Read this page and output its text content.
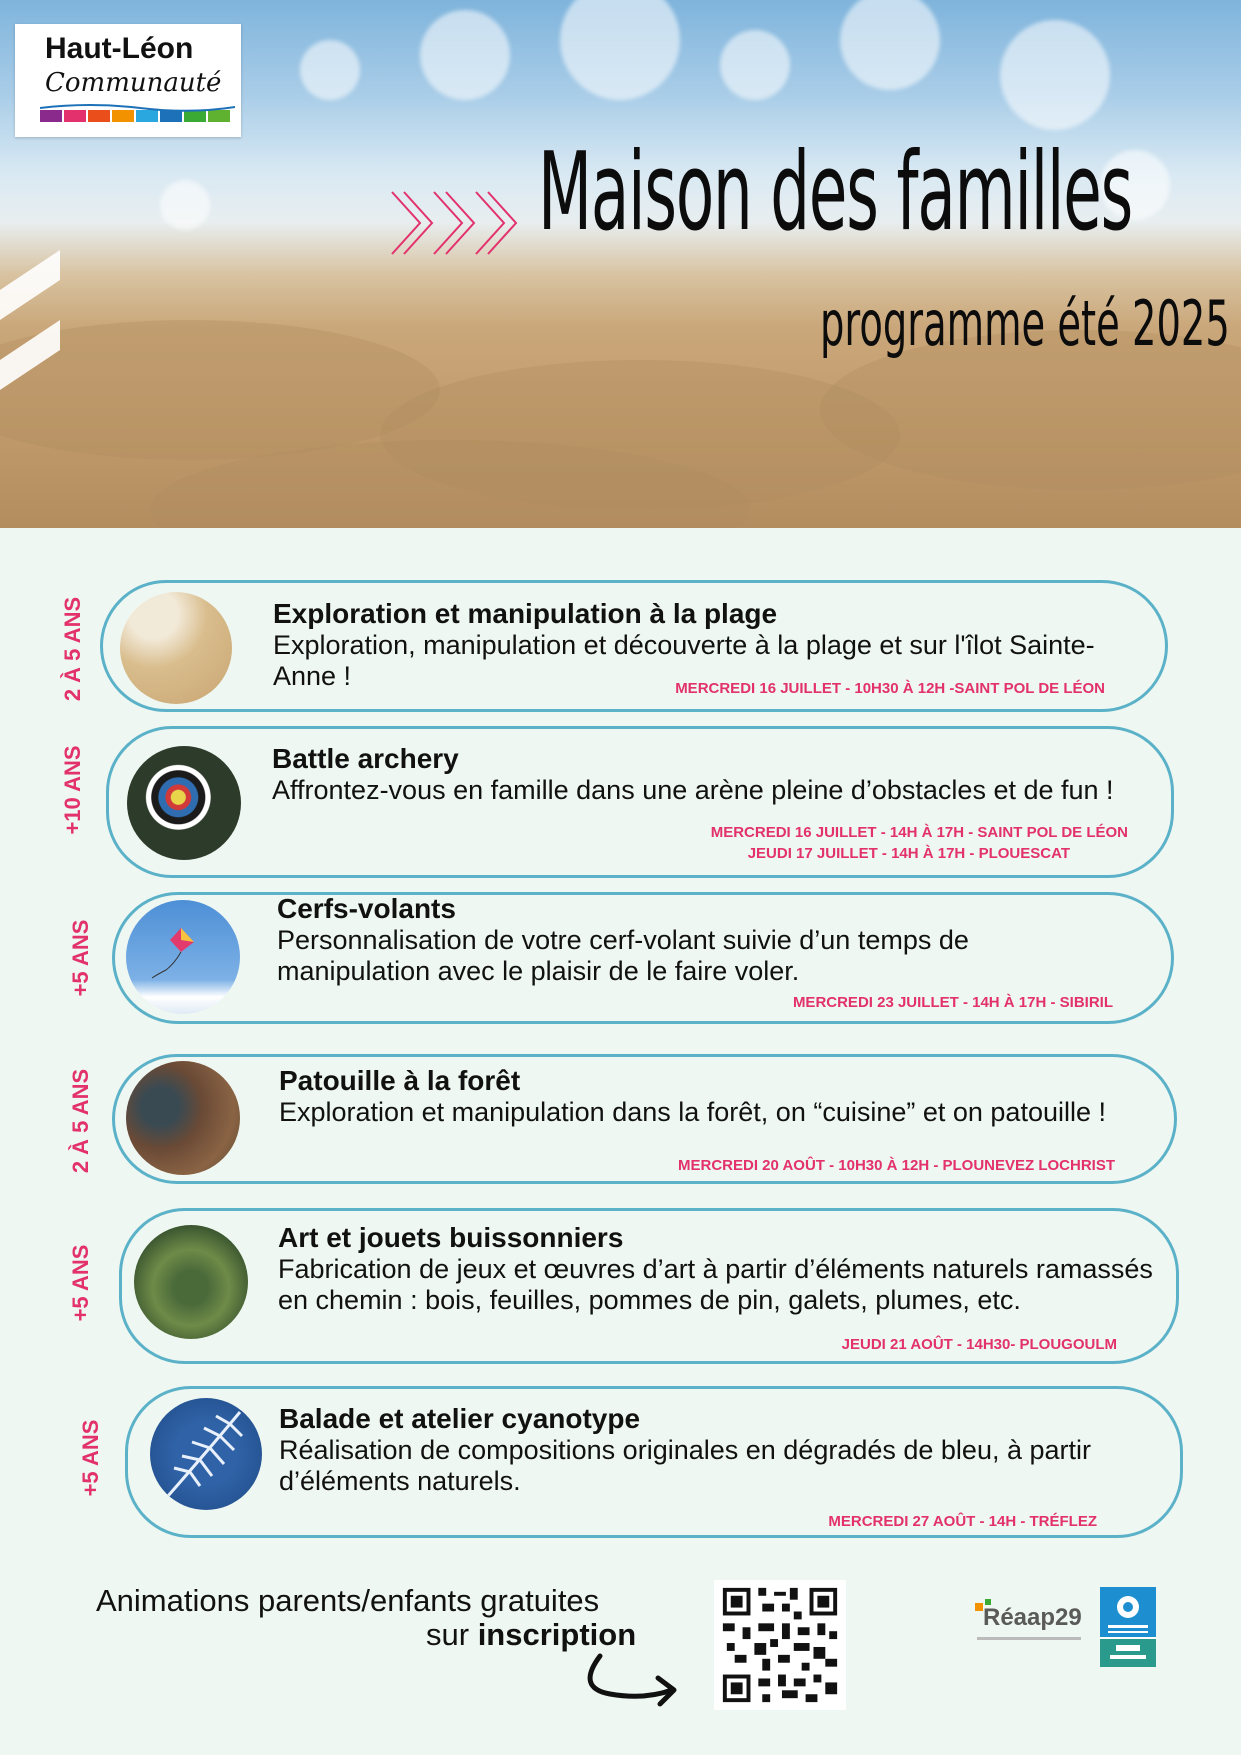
Haut-Léon
Communauté
Maison des familles
programme été 2025
2 À 5 ANS	Exploration et manipulation à la plage
Exploration, manipulation et découverte à la plage et sur l'îlot Sainte-Anne !	MERCREDI 16 JUILLET - 10H30 À 12H -SAINT POL DE LÉON
+10 ANS	Battle archery
Affrontez-vous en famille dans une arène pleine d’obstacles et de fun !
MERCREDI 16 JUILLET - 14H À 17H - SAINT POL DE LÉON
JEUDI 17 JUILLET - 14H À 17H - PLOUESCAT
+5 ANS
Cerfs-volants
Personnalisation de votre cerf-volant suivie d’un temps de manipulation avec le plaisir de le faire voler.
MERCREDI 23 JUILLET - 14H À 17H - SIBIRIL
2 À 5 ANS	Patouille à la forêt
Exploration et manipulation dans la forêt, on “cuisine” et on patouille !
MERCREDI 20 AOÛT - 10H30 À 12H - PLOUNEVEZ LOCHRIST
+5 ANS
Art et jouets buissonniers
Fabrication de jeux et œuvres d’art à partir d’éléments naturels ramassés en chemin : bois, feuilles, pommes de pin, galets, plumes, etc.
JEUDI 21 AOÛT - 14H30- PLOUGOULM
+5 ANS
Balade et atelier cyanotype
Réalisation de compositions originales en dégradés de bleu, à partir d’éléments naturels.
MERCREDI 27 AOÛT - 14H - TRÉFLEZ
Animations parents/enfants gratuites
sur inscription	Réaap29
